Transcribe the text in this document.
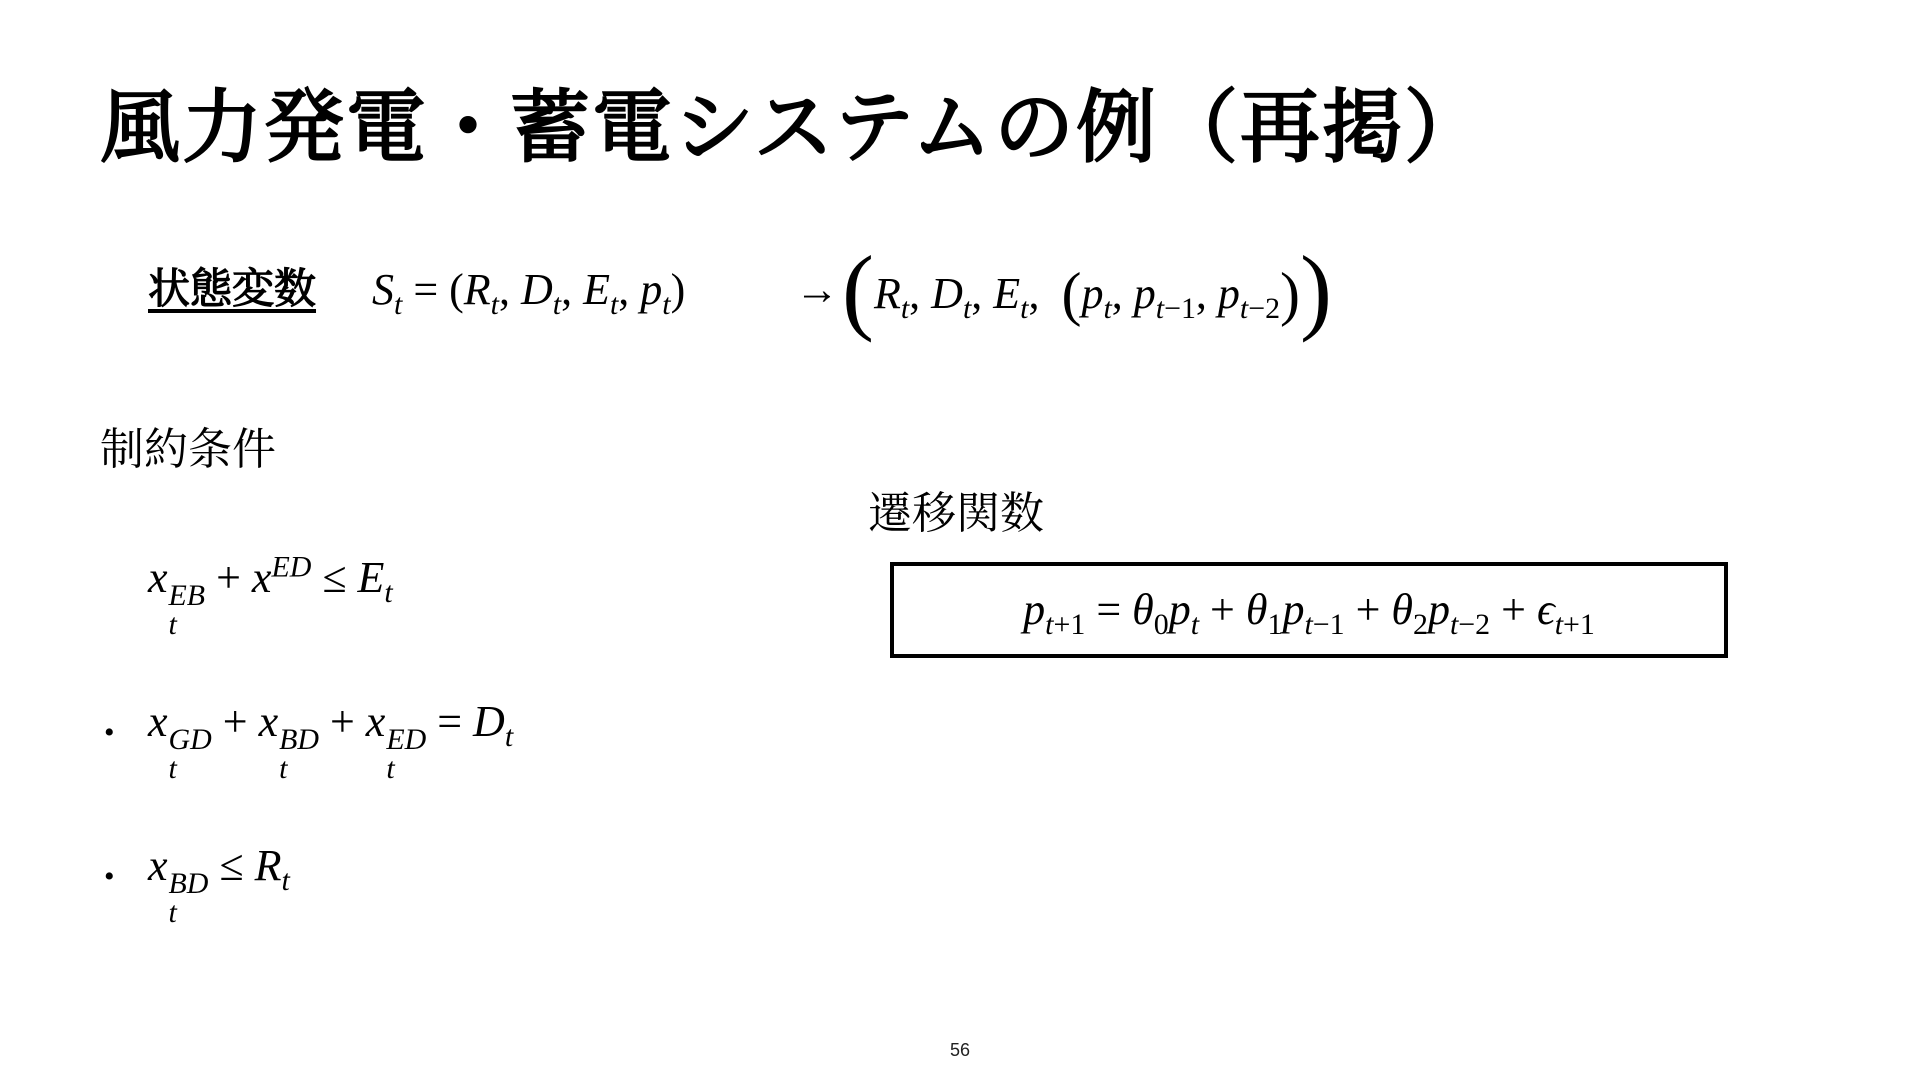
風力発電・蓄電システムの例（再掲）
状態変数 $S_t = (R_t$, $D_t$, $E_t$, $p_t) \to (R_t$, $D_t$, $E_t$,  ($p_t$, $p_{t-1}$, $p_{t-2}$))
制約条件
x EB
t
+ $x^{ED} \le E_t$
• x GD
t
+ x BD
t
+ x ED
t
= $D_t$
• x BD
t
≤ $R_t$
遷移関数
$p_{t+1} = \theta_0p_t + \theta_1p_{t-1} + \theta_2p_{t-2} + \epsilon_{t+1}$
56
